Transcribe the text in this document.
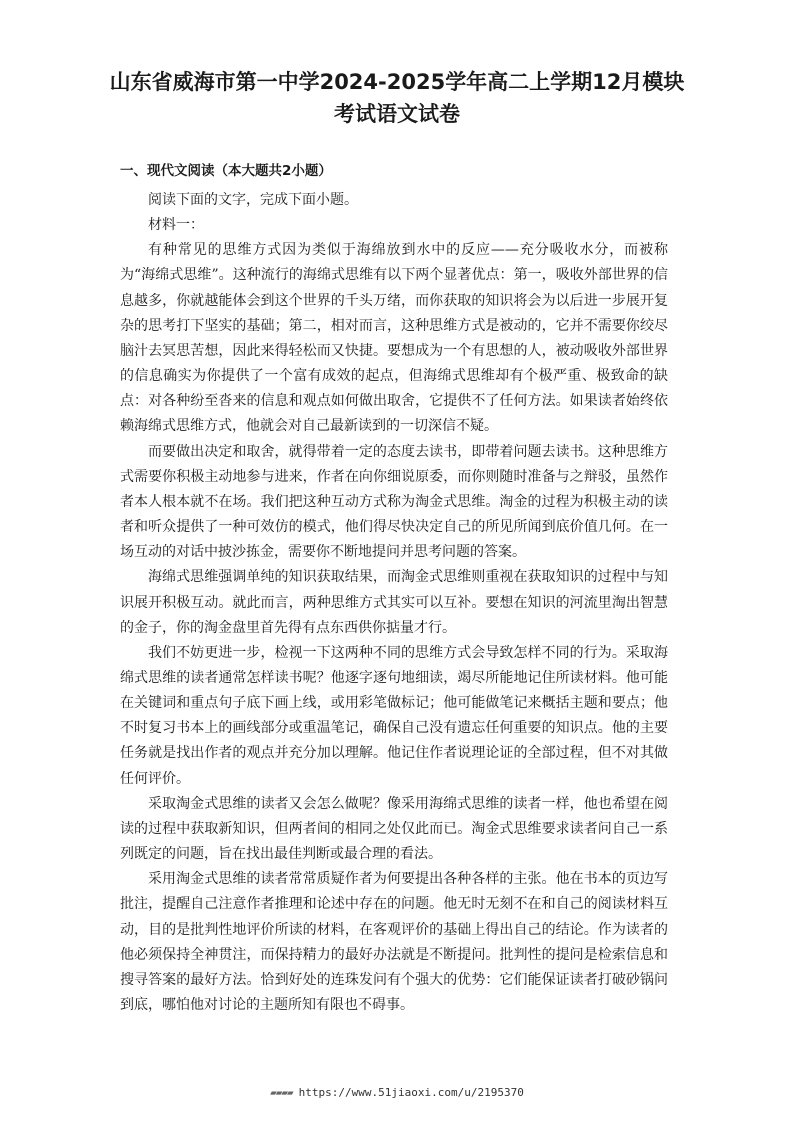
山东省威海市第一中学2024-2025学年高二上学期12月模块考试语文试卷
一、现代文阅读（本大题共2小题）

阅读下面的文字，完成下面小题。

材料一：

有种常见的思维方式因为类似于海绵放到水中的反应——充分吸收水分，而被称为“海绵式思维”。这种流行的海绵式思维有以下两个显著优点：第一，吸收外部世界的信息越多，你就越能体会到这个世界的千头万绪，而你获取的知识将会为以后进一步展开复杂的思考打下坚实的基础；第二，相对而言，这种思维方式是被动的，它并不需要你绞尽脑汁去冥思苦想，因此来得轻松而又快捷。要想成为一个有思想的人，被动吸收外部世界的信息确实为你提供了一个富有成效的起点，但海绵式思维却有个极严重、极致命的缺点：对各种纷至沓来的信息和观点如何做出取舍，它提供不了任何方法。如果读者始终依赖海绵式思维方式，他就会对自己最新读到的一切深信不疑。

而要做出决定和取舍，就得带着一定的态度去读书，即带着问题去读书。这种思维方式需要你积极主动地参与进来，作者在向你细说原委，而你则随时准备与之辩驳，虽然作者本人根本就不在场。我们把这种互动方式称为淘金式思维。淘金的过程为积极主动的读者和听众提供了一种可效仿的模式，他们得尽快决定自己的所见所闻到底价值几何。在一场互动的对话中披沙拣金，需要你不断地提问并思考问题的答案。

海绵式思维强调单纯的知识获取结果，而淘金式思维则重视在获取知识的过程中与知识展开积极互动。就此而言，两种思维方式其实可以互补。要想在知识的河流里淘出智慧的金子，你的淘金盘里首先得有点东西供你掂量才行。

我们不妨更进一步，检视一下这两种不同的思维方式会导致怎样不同的行为。采取海绵式思维的读者通常怎样读书呢？他逐字逐句地细读，竭尽所能地记住所读材料。他可能在关键词和重点句子底下画上线，或用彩笔做标记；他可能做笔记来概括主题和要点；他不时复习书本上的画线部分或重温笔记，确保自己没有遗忘任何重要的知识点。他的主要任务就是找出作者的观点并充分加以理解。他记住作者说理论证的全部过程，但不对其做任何评价。

采取淘金式思维的读者又会怎么做呢？像采用海绵式思维的读者一样，他也希望在阅读的过程中获取新知识，但两者间的相同之处仅此而已。淘金式思维要求读者问自己一系列既定的问题，旨在找出最佳判断或最合理的看法。

采用淘金式思维的读者常常质疑作者为何要提出各种各样的主张。他在书本的页边写批注，提醒自己注意作者推理和论述中存在的问题。他无时无刻不在和自己的阅读材料互动，目的是批判性地评价所读的材料，在客观评价的基础上得出自己的结论。作为读者的他必须保持全神贯注，而保持精力的最好办法就是不断提问。批判性的提问是检索信息和搜寻答案的最好方法。恰到好处的连珠发问有个强大的优势：它们能保证读者打破砂锅问到底，哪怕他对讨论的主题所知有限也不碍事。

▰▰▰▰ https://www.51jiaoxi.com/u/2195370
